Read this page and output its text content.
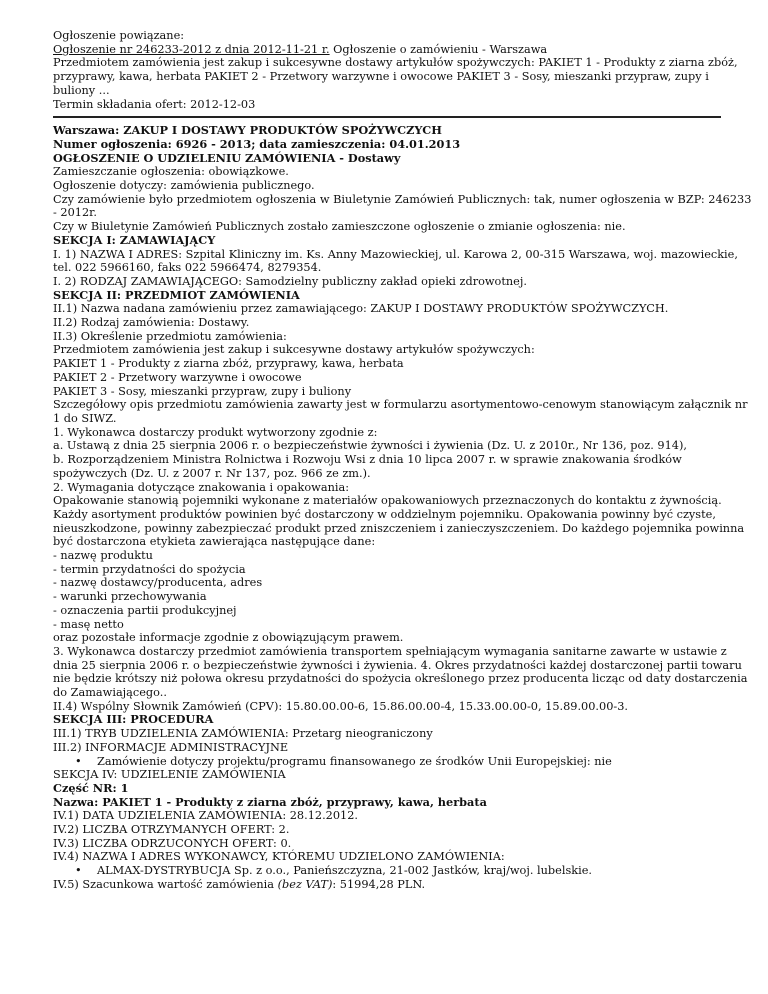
Ogłoszenie powiązane:
Ogłoszenie nr 246233-2012 z dnia 2012-11-21 r. Ogłoszenie o zamówieniu - Warszawa
Przedmiotem zamówienia jest zakup i sukcesywne dostawy artykułów spożywczych: PAKIET 1 - Produkty z ziarna zbóż, przyprawy, kawa, herbata PAKIET 2 - Przetwory warzywne i owocowe PAKIET 3 - Sosy, mieszanki przypraw, zupy i buliony ...
Termin składania ofert: 2012-12-03
Warszawa: ZAKUP I DOSTAWY PRODUKTÓW SPOŻYWCZYCH
Numer ogłoszenia: 6926 - 2013; data zamieszczenia: 04.01.2013
OGŁOSZENIE O UDZIELENIU ZAMÓWIENIA - Dostawy
Zamieszczanie ogłoszenia: obowiązkowe.
Ogłoszenie dotyczy: zamówienia publicznego.
Czy zamówienie było przedmiotem ogłoszenia w Biuletynie Zamówień Publicznych: tak, numer ogłoszenia w BZP: 246233 - 2012r.
Czy w Biuletynie Zamówień Publicznych zostało zamieszczone ogłoszenie o zmianie ogłoszenia: nie.
SEKCJA I: ZAMAWIAJĄCY
I. 1) NAZWA I ADRES: Szpital Kliniczny im. Ks. Anny Mazowieckiej, ul. Karowa 2, 00-315 Warszawa, woj. mazowieckie, tel. 022 5966160, faks 022 5966474, 8279354.
I. 2) RODZAJ ZAMAWIAJĄCEGO: Samodzielny publiczny zakład opieki zdrowotnej.
SEKCJA II: PRZEDMIOT ZAMÓWIENIA
II.1) Nazwa nadana zamówieniu przez zamawiającego: ZAKUP I DOSTAWY PRODUKTÓW SPOŻYWCZYCH.
II.2) Rodzaj zamówienia: Dostawy.
II.3) Określenie przedmiotu zamówienia:
Przedmiotem zamówienia jest zakup i sukcesywne dostawy artykułów spożywczych:
PAKIET 1 - Produkty z ziarna zbóż, przyprawy, kawa, herbata
PAKIET 2 - Przetwory warzywne i owocowe
PAKIET 3 - Sosy, mieszanki przypraw, zupy i buliony
Szczegółowy opis przedmiotu zamówienia zawarty jest w formularzu asortymentowo-cenowym stanowiącym załącznik nr 1 do SIWZ.
1. Wykonawca dostarczy produkt wytworzony zgodnie z:
a. Ustawą z dnia 25 sierpnia 2006 r. o bezpieczeństwie żywności i żywienia (Dz. U. z 2010r., Nr 136, poz. 914),
b. Rozporządzeniem Ministra Rolnictwa i Rozwoju Wsi z dnia 10 lipca 2007 r. w sprawie znakowania środków spożywczych (Dz. U. z 2007 r. Nr 137, poz. 966 ze zm.).
2. Wymagania dotyczące znakowania i opakowania:
Opakowanie stanowią pojemniki wykonane z materiałów opakowaniowych przeznaczonych do kontaktu z żywnością. Każdy asortyment produktów powinien być dostarczony w oddzielnym pojemniku. Opakowania powinny być czyste, nieuszkodzone, powinny zabezpieczać produkt przed zniszczeniem i zanieczyszczeniem. Do każdego pojemnika powinna być dostarczona etykieta zawierająca następujące dane:
- nazwę produktu
- termin przydatności do spożycia
- nazwę dostawcy/producenta, adres
- warunki przechowywania
- oznaczenia partii produkcyjnej
- masę netto
oraz pozostałe informacje zgodnie z obowiązującym prawem.
3. Wykonawca dostarczy przedmiot zamówienia transportem spełniającym wymagania sanitarne zawarte w ustawie z dnia 25 sierpnia 2006 r. o bezpieczeństwie żywności i żywienia. 4. Okres przydatności każdej dostarczonej partii towaru nie będzie krótszy niż połowa okresu przydatności do spożycia określonego przez producenta licząc od daty dostarczenia do Zamawiającego..
II.4) Wspólny Słownik Zamówień (CPV): 15.80.00.00-6, 15.86.00.00-4, 15.33.00.00-0, 15.89.00.00-3.
SEKCJA III: PROCEDURA
III.1) TRYB UDZIELENIA ZAMÓWIENIA: Przetarg nieograniczony
III.2) INFORMACJE ADMINISTRACYJNE
•	Zamówienie dotyczy projektu/programu finansowanego ze środków Unii Europejskiej: nie
SEKCJA IV: UDZIELENIE ZAMÓWIENIA
Część NR: 1
Nazwa: PAKIET 1 - Produkty z ziarna zbóż, przyprawy, kawa, herbata
IV.1) DATA UDZIELENIA ZAMÓWIENIA: 28.12.2012.
IV.2) LICZBA OTRZYMANYCH OFERT: 2.
IV.3) LICZBA ODRZUCONYCH OFERT: 0.
IV.4) NAZWA I ADRES WYKONAWCY, KTÓREMU UDZIELONO ZAMÓWIENIA:
•	ALMAX-DYSTRYBUCJA Sp. z o.o., Panieńszczyzna, 21-002 Jastków, kraj/woj. lubelskie.
IV.5) Szacunkowa wartość zamówienia (bez VAT): 51994,28 PLN.
